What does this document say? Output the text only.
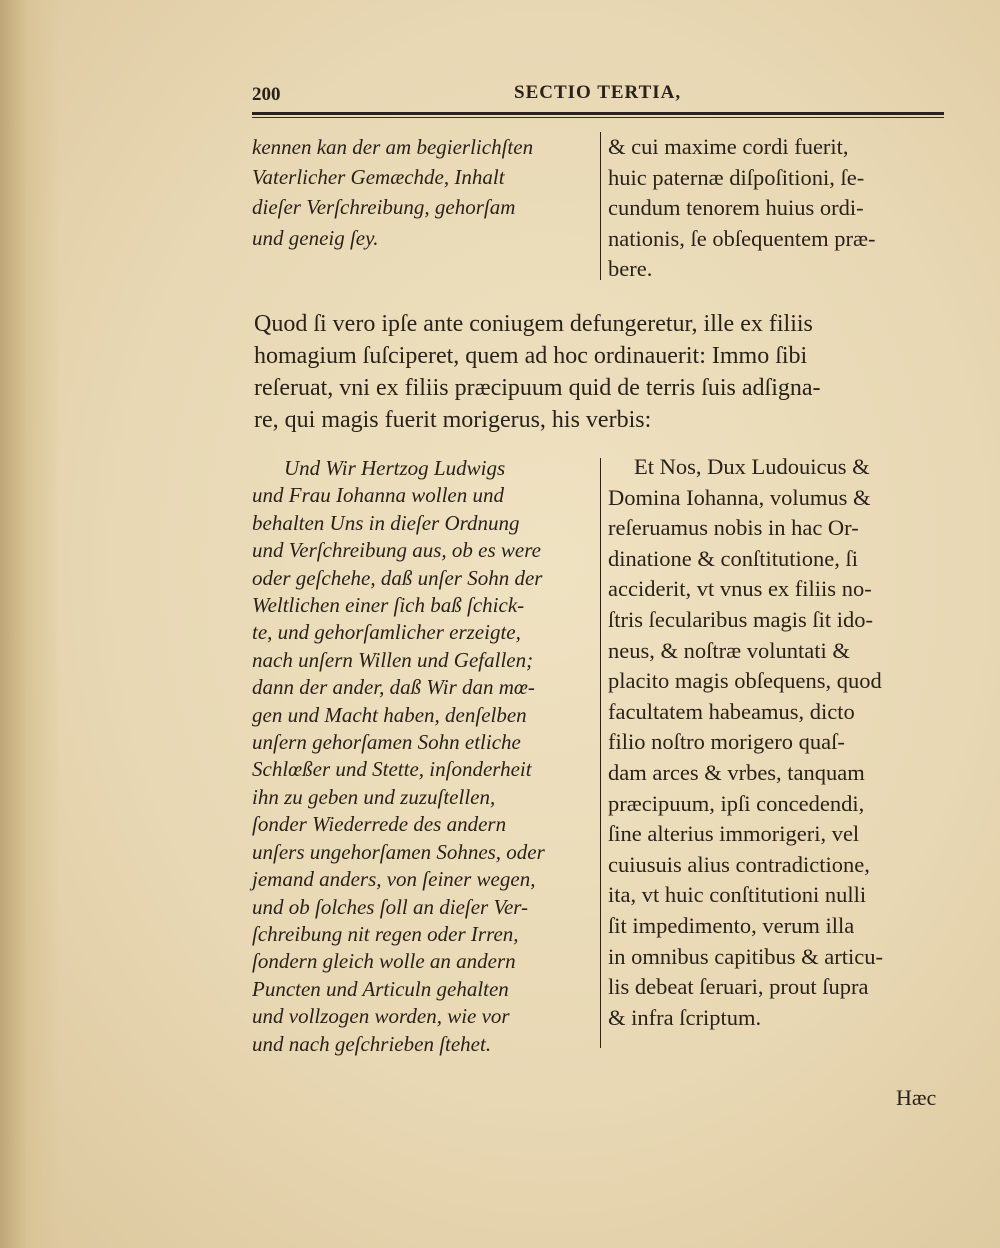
200	SECTIO TERTIA,
kennen kan der am begierlichſten
Vaterlicher Gemæchde, Inhalt
dieſer Verſchreibung, gehorſam
und geneig ſey.
& cui maxime cordi fuerit,
huic paternæ diſpoſitioni, ſe-
cundum tenorem huius ordi-
nationis, ſe obſequentem præ-
bere.
Quod ſi vero ipſe ante coniugem defungeretur, ille ex filiis
homagium ſuſciperet, quem ad hoc ordinauerit: Immo ſibi
reſeruat, vni ex filiis præcipuum quid de terris ſuis adſigna-
re, qui magis fuerit morigerus, his verbis:
Und Wir Hertzog Ludwigs
und Frau Iohanna wollen und
behalten Uns in dieſer Ordnung
und Verſchreibung aus, ob es were
oder geſchehe, daß unſer Sohn der
Weltlichen einer ſich baß ſchick-
te, und gehorſamlicher erzeigte,
nach unſern Willen und Gefallen;
dann der ander, daß Wir dan mœ-
gen und Macht haben, denſelben
unſern gehorſamen Sohn etliche
Schlœßer und Stette, inſonderheit
ihn zu geben und zuzuſtellen,
ſonder Wiederrede des andern
unſers ungehorſamen Sohnes, oder
jemand anders, von ſeiner wegen,
und ob ſolches ſoll an dieſer Ver-
ſchreibung nit regen oder Irren,
ſondern gleich wolle an andern
Puncten und Articuln gehalten
und vollzogen worden, wie vor
und nach geſchrieben ſtehet.
Et Nos, Dux Ludouicus &
Domina Iohanna, volumus &
reſeruamus nobis in hac Or-
dinatione & conſtitutione, ſi
acciderit, vt vnus ex filiis no-
ſtris ſecularibus magis ſit ido-
neus, & noſtræ voluntati &
placito magis obſequens, quod
facultatem habeamus, dicto
filio noſtro morigero quaſ-
dam arces & vrbes, tanquam
præcipuum, ipſi concedendi,
ſine alterius immorigeri, vel
cuiusuis alius contradictione,
ita, vt huic conſtitutioni nulli
ſit impedimento, verum illa
in omnibus capitibus & articu-
lis debeat ſeruari, prout ſupra
& infra ſcriptum.
Hæc
